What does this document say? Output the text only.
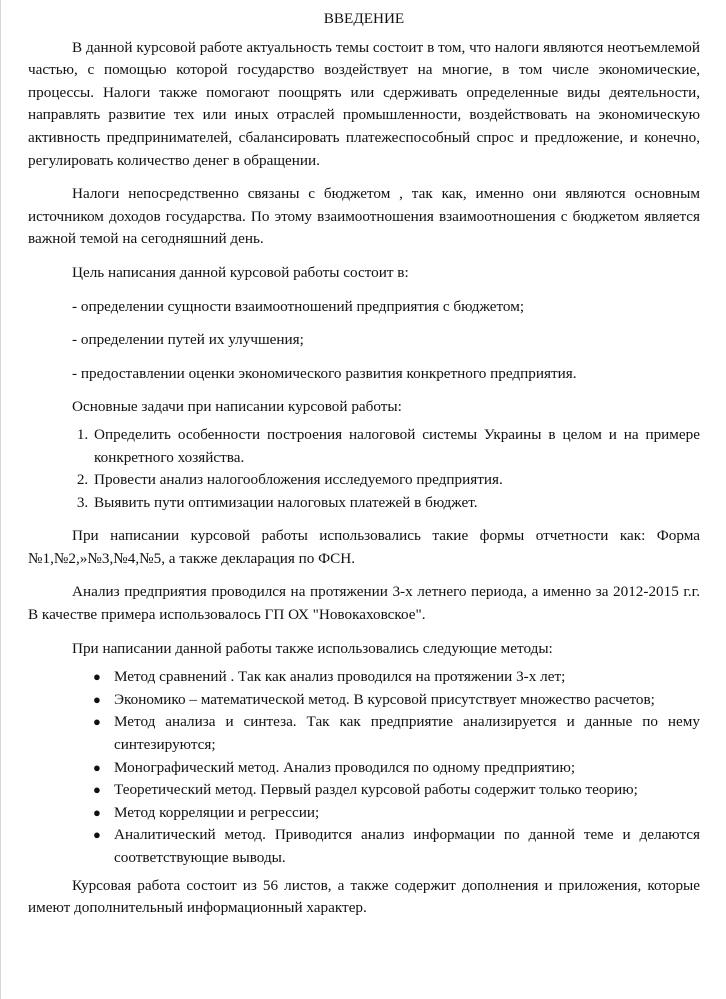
ВВЕДЕНИЕ

В данной курсовой работе актуальность темы состоит в том, что налоги являются неотъемлемой частью, с помощью которой государство воздействует на многие, в том числе экономические, процессы. Налоги также помогают поощрять или сдерживать определенные виды деятельности, направлять развитие тех или иных отраслей промышленности, воздействовать на экономическую активность предпринимателей, сбалансировать платежеспособный спрос и предложение, и конечно, регулировать количество денег в обращении.

Налоги непосредственно связаны с бюджетом , так как, именно они являются основным источником доходов государства. По этому взаимоотношения взаимоотношения с бюджетом является важной темой на сегодняшний день.

Цель написания данной курсовой работы состоит в:

- определении сущности взаимоотношений предприятия с бюджетом;

- определении путей их улучшения;

- предоставлении оценки экономического развития конкретного предприятия.

Основные задачи при написании курсовой работы:

1. Определить особенности построения налоговой системы Украины в целом и на примере конкретного хозяйства.
2. Провести анализ налогообложения исследуемого предприятия.
3. Выявить пути оптимизации налоговых платежей в бюджет.

При написании курсовой работы использовались такие формы отчетности как: Форма №1,№2,»№3,№4,№5, а также декларация по ФСН.

Анализ предприятия проводился на протяжении 3-х летнего периода, а именно за 2012-2015 г.г. В качестве примера использовалось ГП ОХ "Новокаховское".

При написании данной работы также использовались следующие методы:

● Метод сравнений . Так как анализ проводился на протяжении 3-х лет;
● Экономико – математической метод. В курсовой присутствует множество расчетов;
● Метод анализа и синтеза. Так как предприятие анализируется и данные по нему синтезируются;
● Монографический метод. Анализ проводился по одному предприятию;
● Теоретический метод. Первый раздел курсовой работы содержит только теорию;
● Метод корреляции и регрессии;
● Аналитический метод. Приводится анализ информации по данной теме и делаются соответствующие выводы.

Курсовая работа состоит из 56 листов, а также содержит дополнения и приложения, которые имеют дополнительный информационный характер.
